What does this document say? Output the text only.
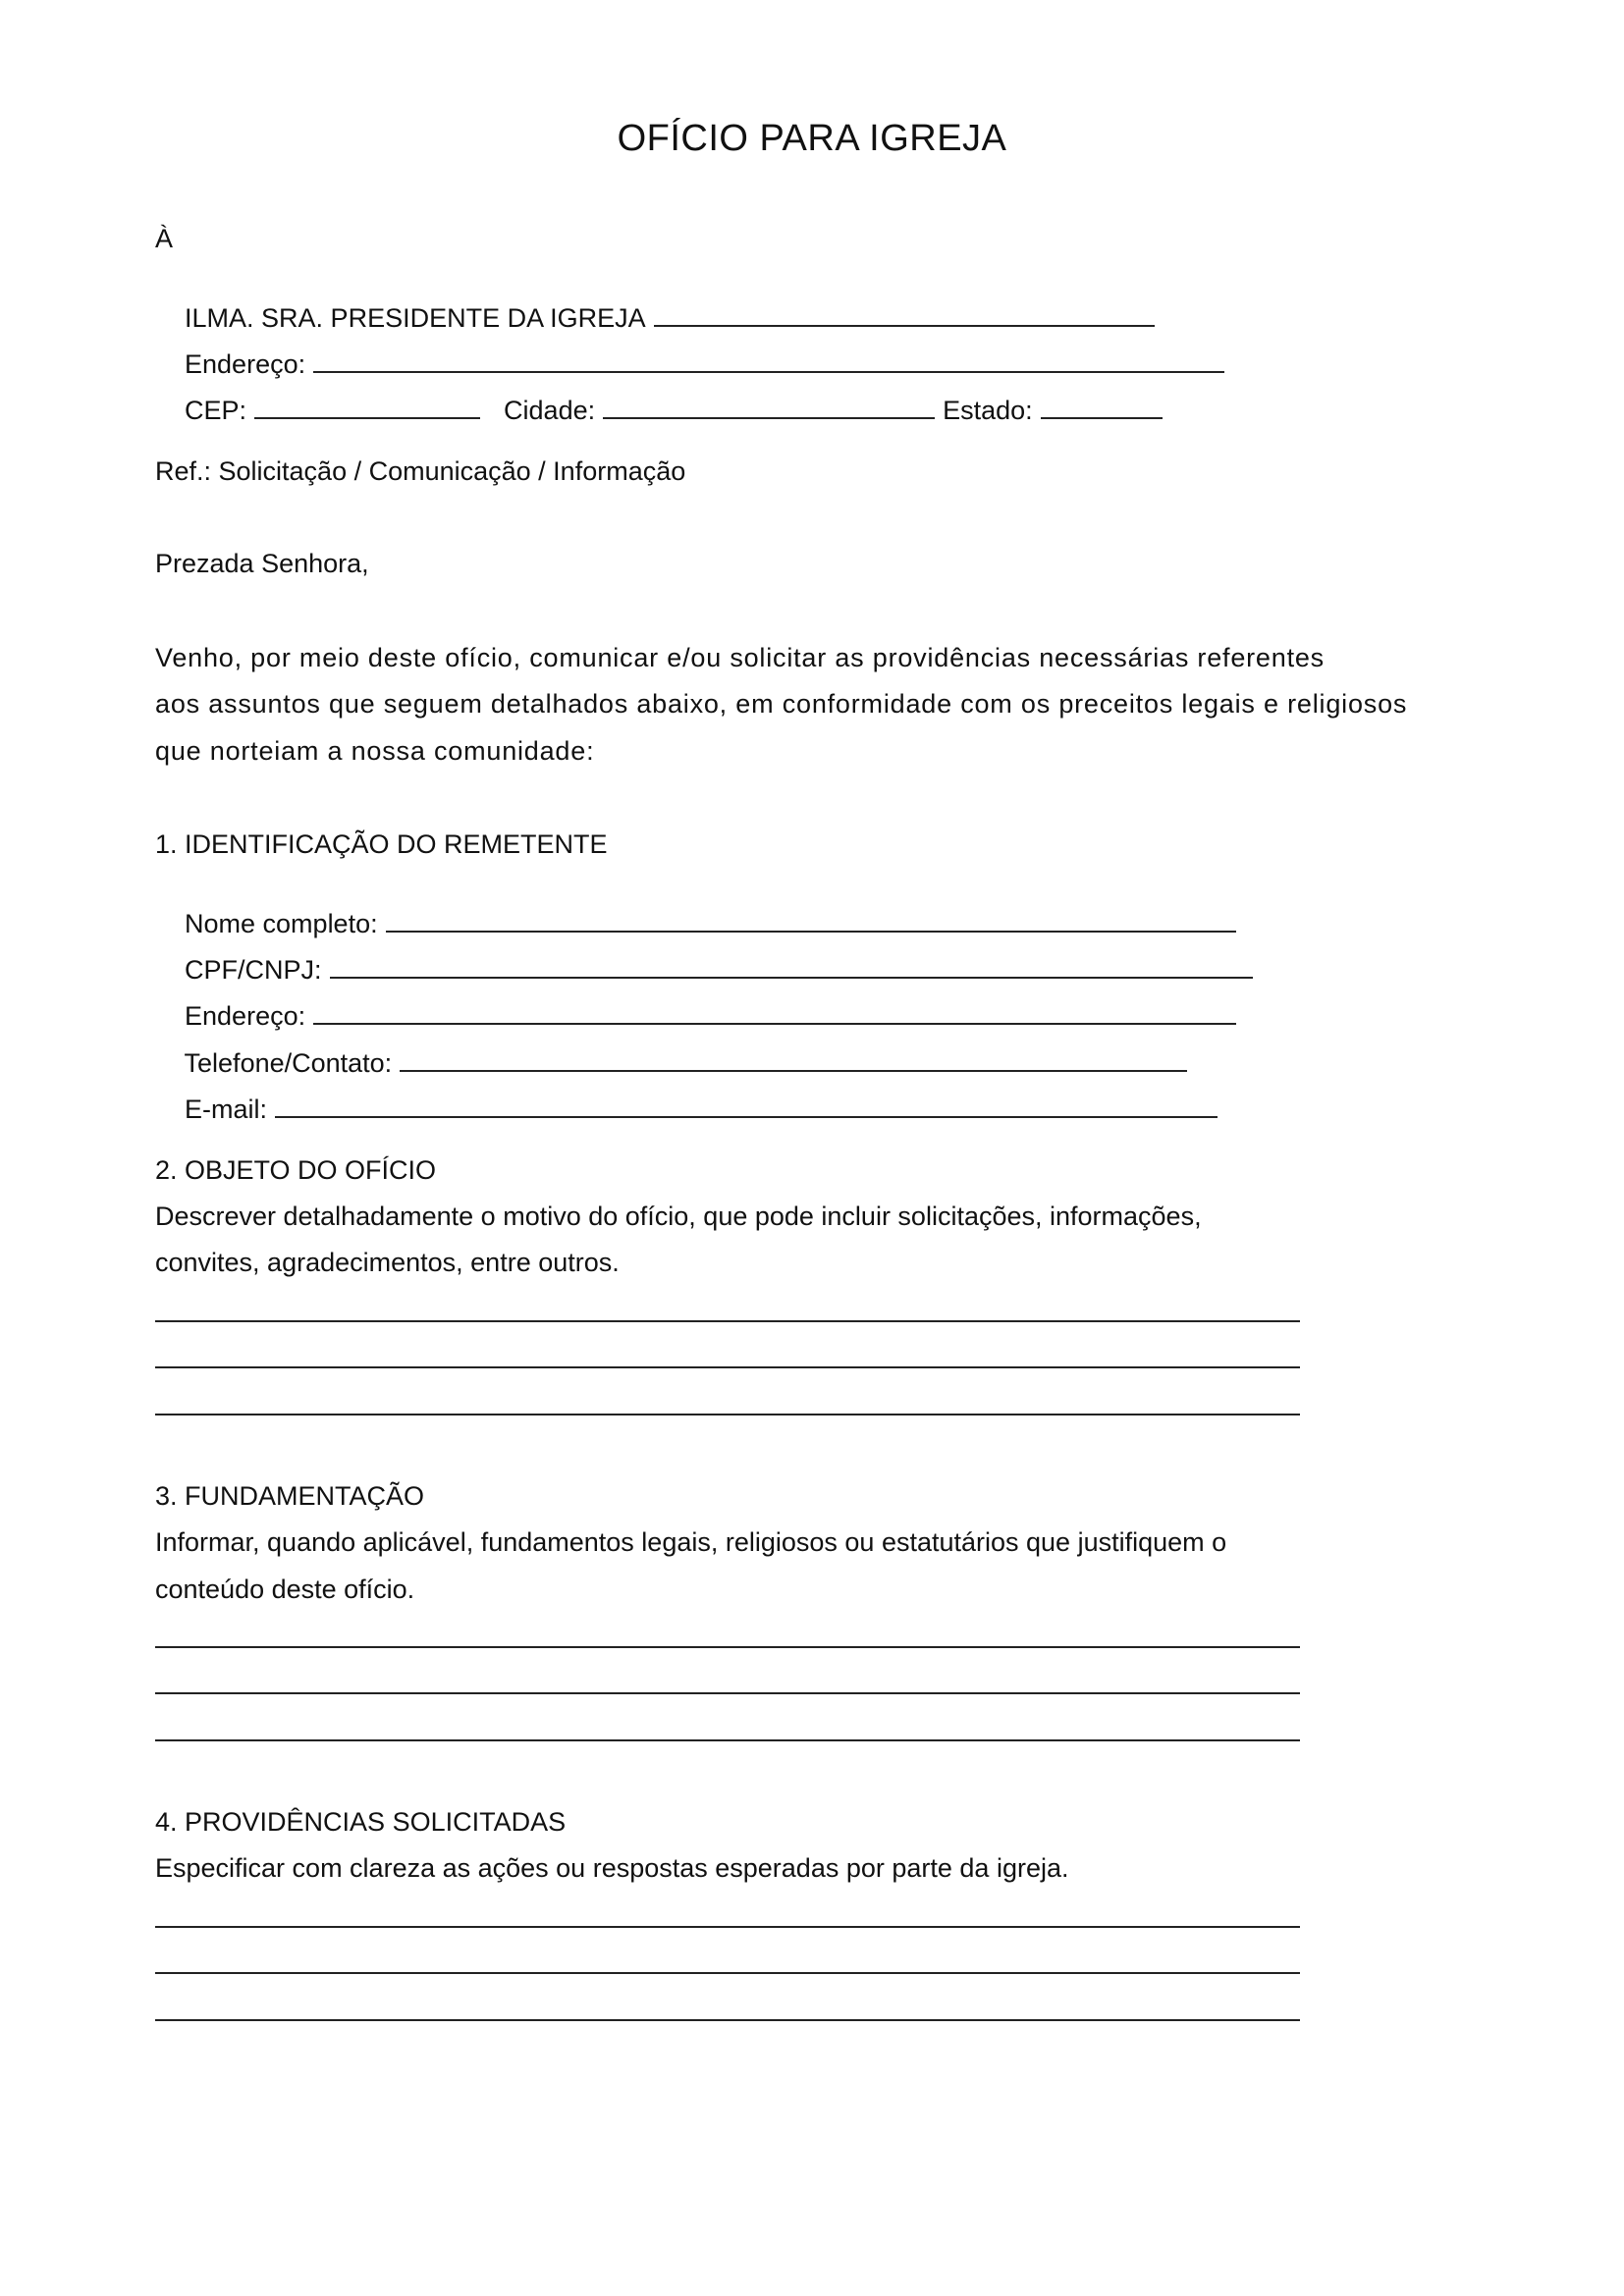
OFÍCIO PARA IGREJA
À

ILMA. SRA. PRESIDENTE DA IGREJA

Endereço:

CEP:	Cidade:	Estado:

Ref.: Solicitação / Comunicação / Informação
Prezada Senhora,
Venho, por meio deste ofício, comunicar e/ou solicitar as providências necessárias referentes
aos assuntos que seguem detalhados abaixo, em conformidade com os preceitos legais e religiosos
que norteiam a nossa comunidade:
1. IDENTIFICAÇÃO DO REMETENTE

Nome completo:

CPF/CNPJ:

Endereço:

Telefone/Contato:

E-mail:

2. OBJETO DO OFÍCIO
Descrever detalhadamente o motivo do ofício, que pode incluir solicitações, informações,
convites, agradecimentos, entre outros.
3. FUNDAMENTAÇÃO
Informar, quando aplicável, fundamentos legais, religiosos ou estatutários que justifiquem o
conteúdo deste ofício.
4. PROVIDÊNCIAS SOLICITADAS
Especificar com clareza as ações ou respostas esperadas por parte da igreja.
